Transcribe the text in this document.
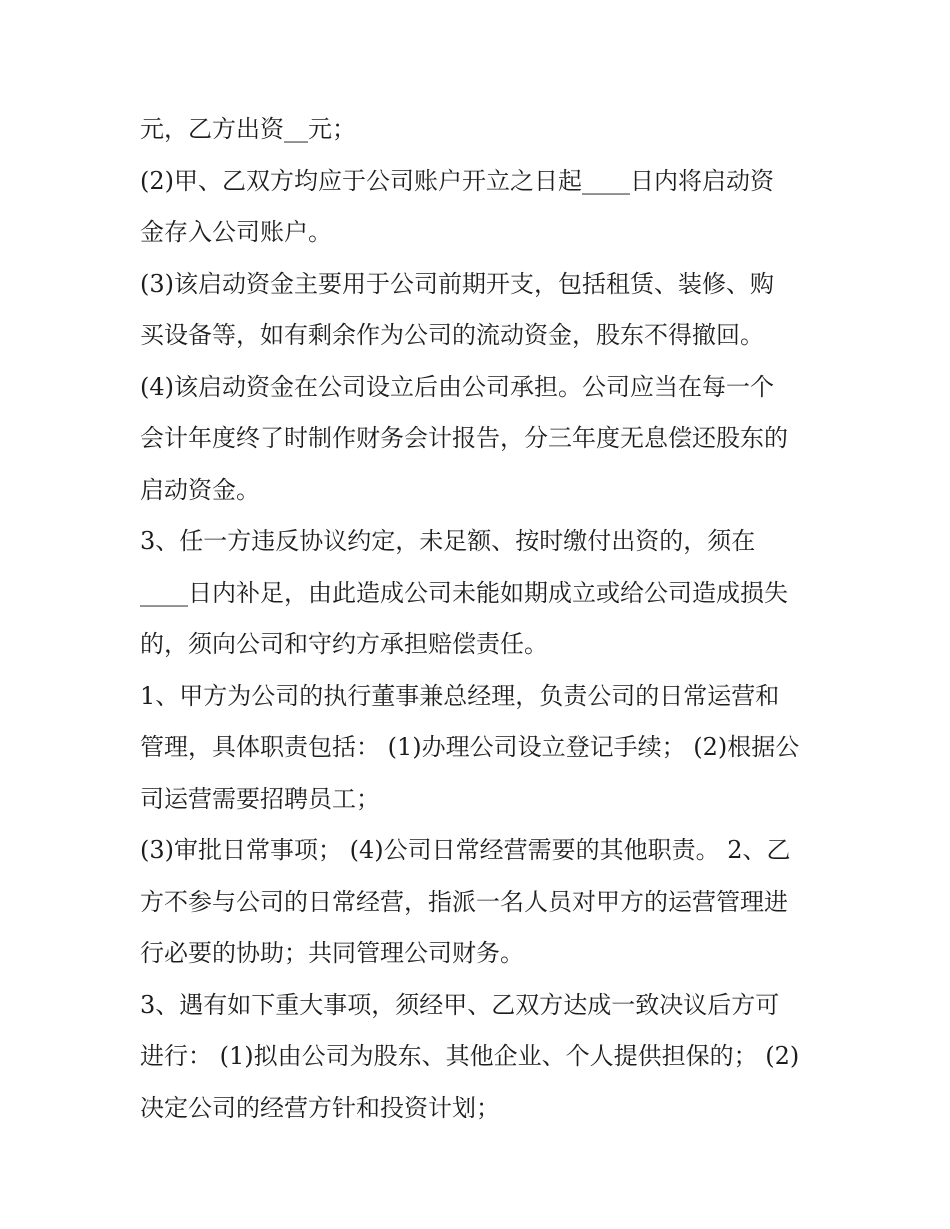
元，乙方出资__元；
(2)甲、乙双方均应于公司账户开立之日起____日内将启动资
金存入公司账户。
(3)该启动资金主要用于公司前期开支，包括租赁、装修、购
买设备等，如有剩余作为公司的流动资金，股东不得撤回。
(4)该启动资金在公司设立后由公司承担。公司应当在每一个
会计年度终了时制作财务会计报告，分三年度无息偿还股东的
启动资金。
3、任一方违反协议约定，未足额、按时缴付出资的，须在
____日内补足，由此造成公司未能如期成立或给公司造成损失
的，须向公司和守约方承担赔偿责任。
1、甲方为公司的执行董事兼总经理，负责公司的日常运营和
管理，具体职责包括： (1)办理公司设立登记手续； (2)根据公
司运营需要招聘员工；
(3)审批日常事项； (4)公司日常经营需要的其他职责。 2、乙
方不参与公司的日常经营，指派一名人员对甲方的运营管理进
行必要的协助；共同管理公司财务。
3、遇有如下重大事项，须经甲、乙双方达成一致决议后方可
进行： (1)拟由公司为股东、其他企业、个人提供担保的； (2)
决定公司的经营方针和投资计划；
